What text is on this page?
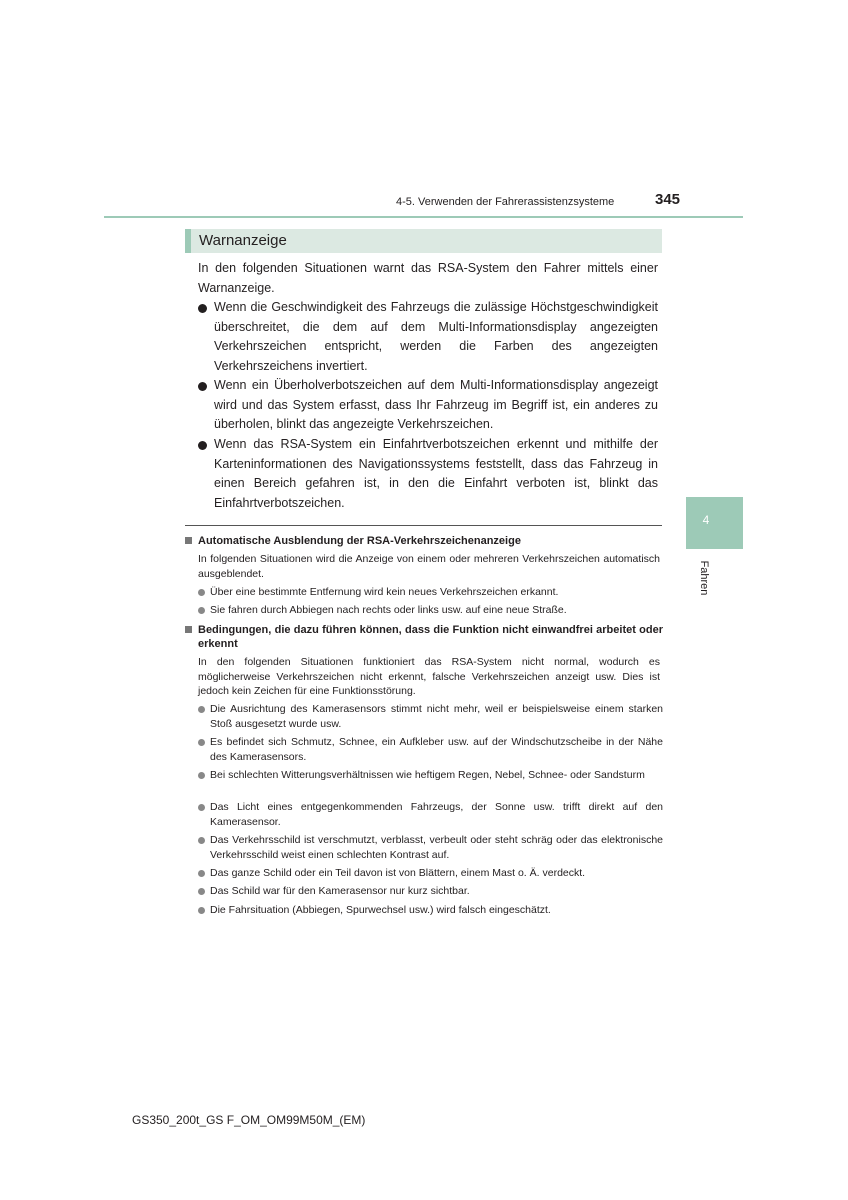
4-5. Verwenden der Fahrerassistenzsysteme	345
Warnanzeige
In den folgenden Situationen warnt das RSA-System den Fahrer mittels einer Warnanzeige.
Wenn die Geschwindigkeit des Fahrzeugs die zulässige Höchstgeschwindigkeit überschreitet, die dem auf dem Multi-Informationsdisplay angezeigten Verkehrszeichen entspricht, werden die Farben des angezeigten Verkehrszeichens invertiert.
Wenn ein Überholverbotszeichen auf dem Multi-Informationsdisplay angezeigt wird und das System erfasst, dass Ihr Fahrzeug im Begriff ist, ein anderes zu überholen, blinkt das angezeigte Verkehrszeichen.
Wenn das RSA-System ein Einfahrtverbotszeichen erkennt und mithilfe der Karteninformationen des Navigationssystems feststellt, dass das Fahrzeug in einen Bereich gefahren ist, in den die Einfahrt verboten ist, blinkt das Einfahrtverbotszeichen.
Automatische Ausblendung der RSA-Verkehrszeichenanzeige
In folgenden Situationen wird die Anzeige von einem oder mehreren Verkehrszeichen automatisch ausgeblendet.
Über eine bestimmte Entfernung wird kein neues Verkehrszeichen erkannt.
Sie fahren durch Abbiegen nach rechts oder links usw. auf eine neue Straße.
Bedingungen, die dazu führen können, dass die Funktion nicht einwandfrei arbeitet oder erkennt
In den folgenden Situationen funktioniert das RSA-System nicht normal, wodurch es möglicherweise Verkehrszeichen nicht erkennt, falsche Verkehrszeichen anzeigt usw. Dies ist jedoch kein Zeichen für eine Funktionsstörung.
Die Ausrichtung des Kamerasensors stimmt nicht mehr, weil er beispielsweise einem starken Stoß ausgesetzt wurde usw.
Es befindet sich Schmutz, Schnee, ein Aufkleber usw. auf der Windschutzscheibe in der Nähe des Kamerasensors.
Bei schlechten Witterungsverhältnissen wie heftigem Regen, Nebel, Schnee- oder Sandsturm
Das Licht eines entgegenkommenden Fahrzeugs, der Sonne usw. trifft direkt auf den Kamerasensor.
Das Verkehrsschild ist verschmutzt, verblasst, verbeult oder steht schräg oder das elektronische Verkehrsschild weist einen schlechten Kontrast auf.
Das ganze Schild oder ein Teil davon ist von Blättern, einem Mast o. Ä. verdeckt.
Das Schild war für den Kamerasensor nur kurz sichtbar.
Die Fahrsituation (Abbiegen, Spurwechsel usw.) wird falsch eingeschätzt.
4
Fahren
GS350_200t_GS F_OM_OM99M50M_(EM)
